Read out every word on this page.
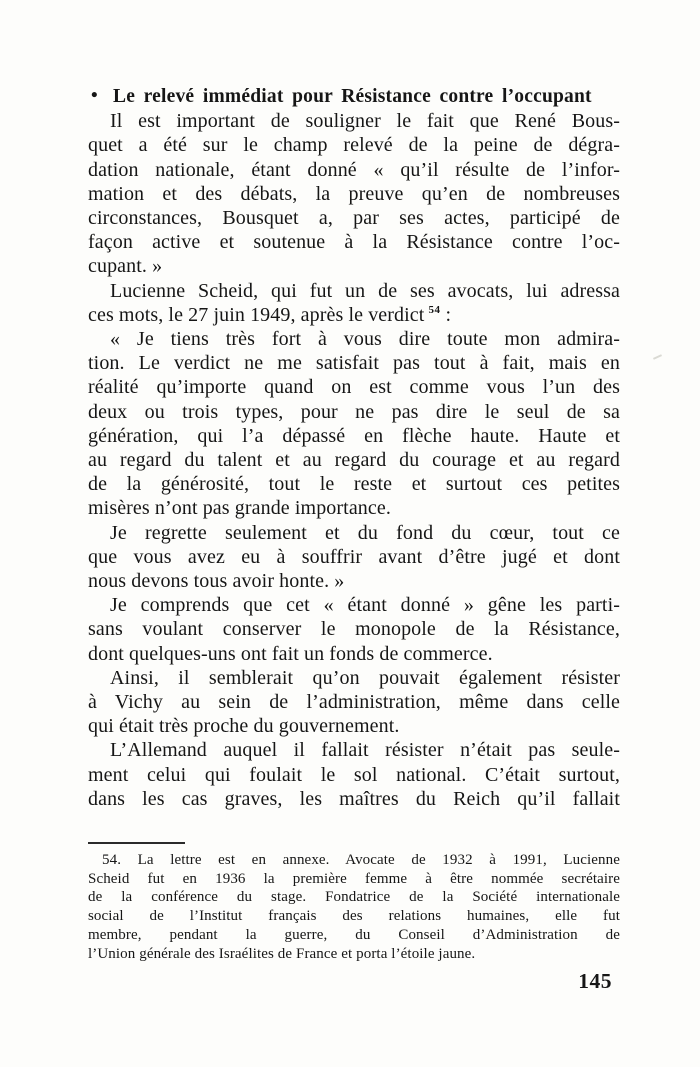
• Le relevé immédiat pour Résistance contre l’occupant

Il est important de souligner le fait que René Bous-
quet a été sur le champ relevé de la peine de dégra-
dation nationale, étant donné « qu’il résulte de l’infor-
mation et des débats, la preuve qu’en de nombreuses
circonstances, Bousquet a, par ses actes, participé de
façon active et soutenue à la Résistance contre l’oc-
cupant. »

Lucienne Scheid, qui fut un de ses avocats, lui adressa
ces mots, le 27 juin 1949, après le verdict $^{54}$ :

« Je tiens très fort à vous dire toute mon admira-
tion. Le verdict ne me satisfait pas tout à fait, mais en
réalité qu’importe quand on est comme vous l’un des
deux ou trois types, pour ne pas dire le seul de sa
génération, qui l’a dépassé en flèche haute. Haute et
au regard du talent et au regard du courage et au regard
de la générosité, tout le reste et surtout ces petites
misères n’ont pas grande importance.

Je regrette seulement et du fond du cœur, tout ce
que vous avez eu à souffrir avant d’être jugé et dont
nous devons tous avoir honte. »

Je comprends que cet « étant donné » gêne les parti-
sans voulant conserver le monopole de la Résistance,
dont quelques-uns ont fait un fonds de commerce.

Ainsi, il semblerait qu’on pouvait également résister
à Vichy au sein de l’administration, même dans celle
qui était très proche du gouvernement.

L’Allemand auquel il fallait résister n’était pas seule-
ment celui qui foulait le sol national. C’était surtout,
dans les cas graves, les maîtres du Reich qu’il fallait

54. La lettre est en annexe. Avocate de 1932 à 1991, Lucienne
Scheid fut en 1936 la première femme à être nommée secrétaire
de la conférence du stage. Fondatrice de la Société internationale
social de l’Institut français des relations humaines, elle fut
membre, pendant la guerre, du Conseil d’Administration de
l’Union générale des Israélites de France et porta l’étoile jaune.
145
